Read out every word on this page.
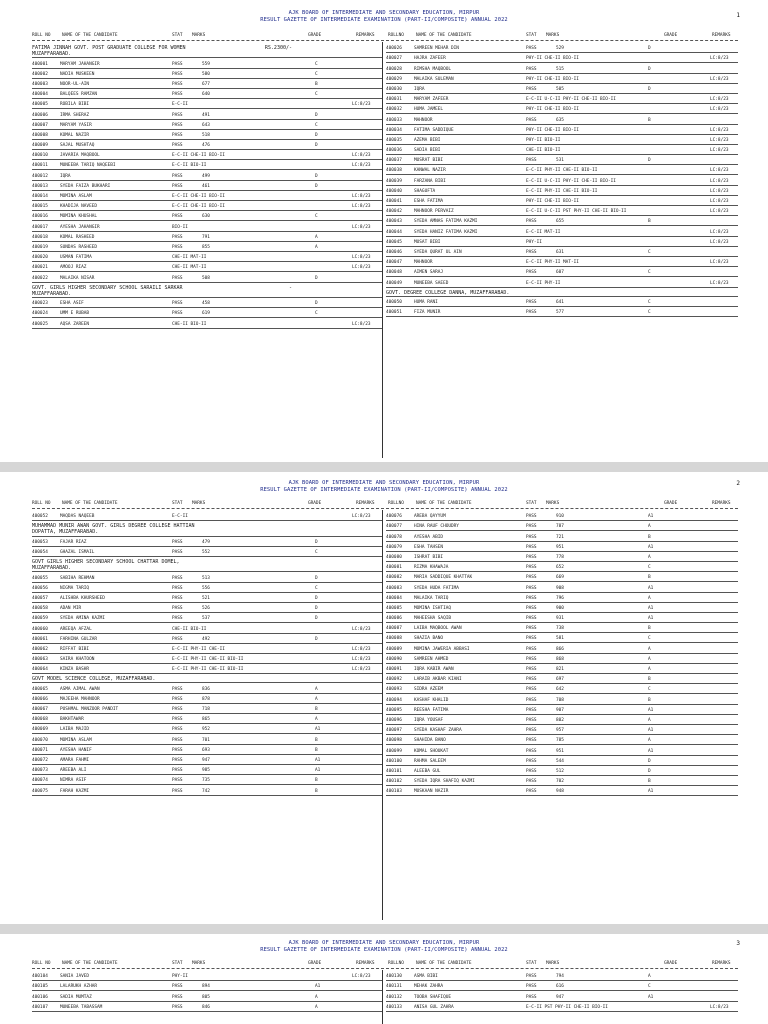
AJK BOARD OF INTERMEDIATE AND SECONDARY EDUCATION, MIRPUR
RESULT GAZETTE OF INTERMEDIATE EXAMINATION (PART-II/COMPOSITE) ANNUAL 2022
1
ROLL NO	NAME OF THE CANDIDATE	STAT MARKS	GRADE	REMARKS	ROLLNO	NAME OF THE CANDIDATE	STAT MARKS	GRADE	REMARKS
FATIMA JINNAH GOVT. POST GRADUATE COLLEGE FOR WOMEN
MUZAFFARABAD.
RS.2300/-
400001	MARYAM JAHANGIR	PASS	559	C
400002	NADIA MUSKEEN	PASS	580	C
400003	NOOR-UL-AIN	PASS	677	B
400004	BALQEES RAMZAN	PASS	640	C
400005	ROBILA BIBI	E-C-II	LC:8/23
400006	IRMA SHERAZ	PASS	491	D
400007	MARYAM YASIR	PASS	643	C
400008	KOMAL NAZIR	PASS	518	D
400009	SAJAL MUSHTAQ	PASS	476	D
400010	JAVARIA MAQBOOL	E-C-II CHE-II BIO-II	LC:8/23
400011	MUNEEBA TARIQ NAQEEBI	E-C-II BIO-II	LC:8/23
400012	IQRA	PASS	499	D
400013	SYEDA FAIZA BUKHARI	PASS	461	D
400014	MOMINA ASLAM	E-C-II CHE-II BIO-II	LC:8/23
400015	KHADIJA NAVEED	E-C-II CHE-II BIO-II	LC:8/23
400016	MOMINA KHUSHAL	PASS	630	C
400017	AYESHA JAHANGIR	BIO-II	LC:8/23
400018	KOMAL RASHEED	PASS	791	A
400019	SUNDAS RASHEED	PASS	855	A
400020	USMAN FATIMA	CHE-II MAT-II	LC:8/23
400021	AMOOJ RIAZ	CHE-II MAT-II	LC:8/23
400022	MALAIKA NISAR	PASS	508	D
GOVT. GIRLS HIGHER SECONDARY SCHOOL SARAILI SARKAR
MUZAFFARABAD.
-
400023	ESHA ASIF	PASS	458	D
400024	UMM E RUBAB	PASS	619	C
400025	AQSA ZAREEN	CHE-II BIO-II	LC:8/23
400026	SAMREEN MEHAR DIN	PASS	529	D
400027	HAJRA ZAFEER	PHY-II CHE-II BIO-II	LC:8/23
400028	RIMSHA MAQBOOL	PASS	515	D
400029	MALAIKA SULEMAN	PHY-II CHE-II BIO-II	LC:8/23
400030	IQRA	PASS	505	D
400031	MARYAM ZAFEER	E-C-II U-C-II PHY-II CHE-II BIO-II	LC:8/23
400032	HUMA JAMEEL	PHY-II CHE-II BIO-II	LC:8/23
400033	MAHNOOR	PASS	635	B
400034	FATIMA SADDIQUE	PHY-II CHE-II BIO-II	LC:8/23
400035	AZEMA BIBI	PHY-II BIO-II	LC:8/23
400036	SADIA BIBI	CHE-II BIO-II	LC:8/23
400037	MUSRAT BIBI	PASS	531	D
400038	KANWAL NAZIR	E-C-II PHY-II CHE-II BIO-II	LC:8/23
400039	FARZANA BIBI	E-C-II U-C-II PHY-II CHE-II BIO-II	LC:8/23
400040	SHAGUFTA	E-C-II PHY-II CHE-II BIO-II	LC:8/23
400041	ESHA FATIMA	PHY-II CHE-II BIO-II	LC:8/23
400042	MAHNOOR PERVAIZ	E-C-II U-C-II PST PHY-II CHE-II BIO-II	LC:8/23
400043	SYEDA AMNAS FATIMA KAZMI	PASS	655	B
400044	SYEDA HANIZ FATIMA KAZMI	E-C-II MAT-II	LC:8/23
400045	MUSAT BIBI	PHY-II	LC:8/23
400046	SYEDA QURAT UL AIN	PASS	631	C
400047	MAHNOOR	E-C-II PHY-II MAT-II	LC:8/23
400048	AIMEN SARAJ	PASS	607	C
400049	MUNEEBA SAEED	E-C-II PHY-II	LC:8/23
GOVT. DEGREE COLLEGE DANNA, MUZAFFARABAD.
400050	HUMA RANI	PASS	641	C
400051	FIZA MUNIR	PASS	577	C
AJK BOARD OF INTERMEDIATE AND SECONDARY EDUCATION, MIRPUR
RESULT GAZETTE OF INTERMEDIATE EXAMINATION (PART-II/COMPOSITE) ANNUAL 2022
2
ROLL NO	NAME OF THE CANDIDATE	STAT MARKS	GRADE	REMARKS	ROLLNO	NAME OF THE CANDIDATE	STAT MARKS	GRADE	REMARKS
400052	MAQDAS NAQEEB	E-C-II	LC:8/23
MUHAMMAD MUNIR AWAN GOVT. GIRLS DEGREE COLLEGE HATTIAN
DOPATTA, MUZAFFARABAD.
400053	FAJAR RIAZ	PASS	479	D
400054	GHAZAL ISMAIL	PASS	552	C
GOVT GIRLS HIGHER SECONDARY SCHOOL CHATTAR DOMEL,
MUZAFFARABAD.
400055	SABIHA REHMAN	PASS	513	D
400056	NIGMA TARIQ	PASS	556	C
400057	ALISHBA KHURSHEED	PASS	521	D
400058	ADAN MIR	PASS	526	D
400059	SYEDA AMINA KAZMI	PASS	537	D
400060	AREEQA AFZAL	CHE-II BIO-II	LC:8/23
400061	FARHINA GULZAR	PASS	492	D
400062	RIFFAT BIBI	E-C-II PHY-II CHE-II	LC:8/23
400063	SAIRA KHATOON	E-C-II PHY-II CHE-II BIO-II	LC:8/23
400064	KINZA BASHR	E-C-II PHY-II CHE-II BIO-II	LC:8/23
GOVT MODEL SCIENCE COLLEGE, MUZAFFARABAD.
400065	ASMA AJMAL AWAN	PASS	836	A
400066	MAJEEHA MAHNOOR	PASS	878	A
400067	PUSHMAL MANZOOR PANDIT	PASS	718	B
400068	BAKHTAWAR	PASS	865	A
400069	LAIBA MAJID	PASS	952	A1
400070	MOMINA ASLAM	PASS	701	B
400071	AYESHA HANIF	PASS	693	B
400072	AMARA FAHMI	PASS	947	A1
400073	AREEBA ALI	PASS	985	A1
400074	NIMRA ASIF	PASS	735	B
400075	FARAH KAZMI	PASS	742	B
400076	AREBA QAYYUM	PASS	910	A1
400077	HINA RAUF CHOUDRY	PASS	787	A
400078	AYESHA ABID	PASS	721	B
400079	ESHA TAHSEN	PASS	951	A1
400080	ISHRAT BIBI	PASS	778	A
400081	RIZMA KHAWAJA	PASS	652	C
400082	MARIA SADDIQUE KHATTAK	PASS	669	B
400083	SYEDA HUDA FATIMA	PASS	908	A1
400084	MALAIKA TARIQ	PASS	796	A
400085	MOMINA ISHTIAQ	PASS	900	A1
400086	MAHEESHA SAQIB	PASS	931	A1
400087	LAIBA MAQBOOL AWAN	PASS	738	B
400088	SHAZIA BANO	PASS	581	C
400089	MOMINA JAWERIA ABBASI	PASS	866	A
400090	SAMREEN AHMED	PASS	868	A
400091	IQRA KABIR AWAN	PASS	821	A
400092	LARAIB AKBAR KIANI	PASS	697	B
400093	SIDRA AZEEM	PASS	642	C
400094	KASHAF KHALID	PASS	708	B
400095	REESHA FATIMA	PASS	907	A1
400096	IQRA YOUSAF	PASS	802	A
400097	SYEDA KASHAF ZAHRA	PASS	957	A1
400098	SHAHIDA BANO	PASS	785	A
400099	KOMAL SHOUKAT	PASS	951	A1
400100	RAHMA SALEEM	PASS	544	D
400101	ALEEBA GUL	PASS	512	D
400102	SYEDA IQRA SHAFIQ KAZMI	PASS	702	B
400103	MUSKAAN NAZIR	PASS	948	A1
AJK BOARD OF INTERMEDIATE AND SECONDARY EDUCATION, MIRPUR
RESULT GAZETTE OF INTERMEDIATE EXAMINATION (PART-II/COMPOSITE) ANNUAL 2022
3
ROLL NO	NAME OF THE CANDIDATE	STAT MARKS	GRADE	REMARKS	ROLLNO	NAME OF THE CANDIDATE	STAT MARKS	GRADE	REMARKS
400104	SANIA JAVED	PHY-II	LC:8/23
400105	LALARUKH AZHAR	PASS	894	A1
400106	SADIA MUMTAZ	PASS	805	A
400107	MUNEEBA TABASSAM	PASS	846	A
400130	ASMA BIBI	PASS	794	A
400131	MEHAK ZAHRA	PASS	616	C
400132	TOOBA SHAFIQUE	PASS	947	A1
400133	ANISA GUL ZAHRA	E-C-II PST PHY-II CHE-II BIO-II	LC:8/23
